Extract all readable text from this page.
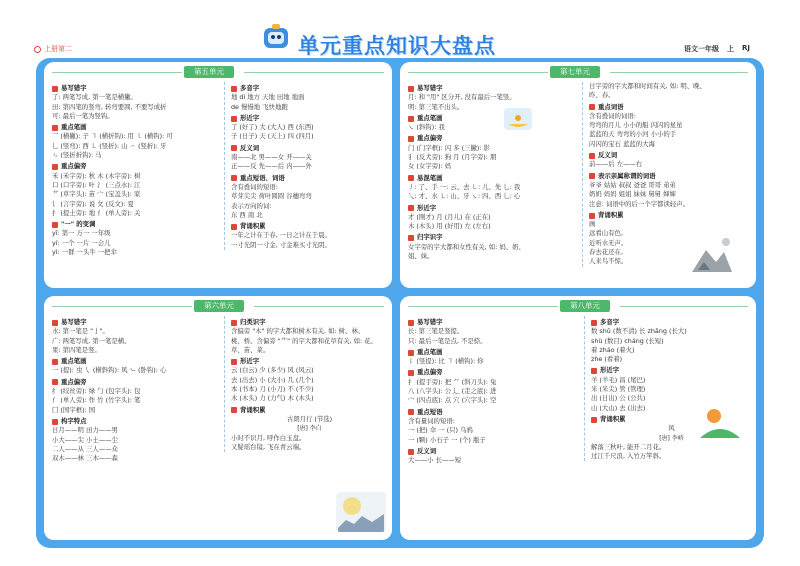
上册第二	单元重点知识大盘点	语文一年级 上 RJ
第五单元
易写错字
了: 两笔写成, 第一笔是横撇。
田: 第四笔的竖弯, 转弯要圆, 不要写成折
可: 最后一笔为竖钩。
重点笔画
乛 (横撇): 子 ㇕ (横折钩): 用 ㇅ (横钩): 可
乚 (竖弯): 西 ㇄ (竖折): 山 ㇀ (竖折): 牙
ㄣ (竖折折钩): 马
重点偏旁
禾 (禾字旁): 秋 木 (木字旁): 树
口 (口字旁): 叶 氵 (三点水): 江
艹 (草字头): 苗 宀 (宝盖头): 家
讠 (言字旁): 说 攵 (反文): 夏
扌 (提土旁): 地 亻 (单人旁): 关
"一" 的变调
yī: 第一 万一 一年级
yí: 一个 一片 一会儿
yì: 一群 一头牛 一把伞
多音字
地 dì 地方 天地 田地 地面
de 慢慢地 飞快地跑
形近字
了 (好了) 大 (大人) 西 (东西)
子 (日子) 天 (天上) 四 (四月)
反义词
南——北 男——女 开——关
正——反 先——后 内——外
重点短语、词语
含有叠词的短语:
草芽尖尖 荷叶圆圆 谷穗弯弯
表示方向的词:
东 西 南 北
背诵积累
一年之计在于春, 一日之计在于晨。
一寸光阴一寸金, 寸金难买寸光阴。
第七单元
易写错字
月: 和 "用" 区分开, 没有最后一笔竖。
明: 第三笔不出头。
重点笔画
㇏ (斜钩): 我
重点偏旁
门 (门字框): 闪 多 (三撇): 影
犭 (反犬旁): 狗 月 (月字旁): 朋
女 (女字旁): 妈
易混笔画
丿: 了、手 一: 云、去 ㇄: 儿、先 乚: 我
乀: 才、水 ㇄: 山、牙 ㇏: 四、西 乚: 心
形近字
才 (刚才) 月 (月儿) 在 (正在)
木 (木头) 用 (好用) 左 (左右)
归字识字
女字旁的字大都和女性有关, 如: 妈、奶、
姐、妹。
日字旁的字大都和时间有关, 如: 明、晚、
昨、春。
重点词语
含有叠词的词语:
弯弯的月儿 小小的船 闪闪的星星
蓝蓝的天 弯弯的小河 小小的手
闪闪的宝石 蓝蓝的大海
反义词
前——后 左——右
表示亲属称谓的词语
爷爷 姑姑 叔叔 爸爸 哥哥 弟弟
奶奶 妈妈 姐姐 妹妹 舅舅 婶婶
注意: 词语中的后一个字都读轻声。
背诵积累
画
远看山有色,
近听水无声。
春去花还在,
人来鸟不惊。
第六单元
易写错字
水: 第一笔是 "亅"。
广: 两笔写成, 第一笔是横。
果: 第四笔是竖。
重点笔画
一 (提): 虫 ㇂ (横斜钩): 风 ㇃ (卧钩): 心
重点偏旁
纟 (绞丝旁): 绿 勹 (包字头): 包
亻 (单人旁): 作 竹 (竹字头): 笔
囗 (国字框): 国
构字特点
日月——明 田力——男
小大——尖 小土——尘
二人——从 三人——众
双木——林 三木——森
归类识字
含偏旁 "木" 的字大都和树木有关, 如: 树、林、
桃、桥。含偏旁 "艹" 的字大都和花草有关, 如: 花、
草、苗、菜。
形近字
云 (白云) 少 (多少) 风 (风云)
去 (出去) 小 (大小) 几 (几个)
本 (书本) 刀 (小刀) 不 (不少)
木 (木头) 力 (力气) 木 (木头)
背诵积累
古朗月行 (节选)
[唐] 李白
小时不识月, 呼作白玉盘。
又疑瑶台镜, 飞在青云端。
第八单元
易写错字
长: 第三笔是竖提。
只: 最后一笔是点, 不是捺。
重点笔画
㇙ (竖提): 比 ㇕ (横钩): 你
重点偏旁
扌 (提手旁): 把 ⺈ (斜刀头): 兔
八 (八字头): 公 辶 (走之底): 进
宀 (四点底): 点 穴 (穴字头): 空
重点短语
含有量词的短语:
一 (把) 伞 一 (只) 乌鸦
一 (颗) 小石子 一 (个) 瓶子
反义词
大——小 长——短
多音字
数 shǔ (数不清) 长 zhǎng (长大)
shù (数目) cháng (长短)
着 zháo (着火)
zhe (看着)
形近字
羊 (羊毛) 昌 (尾巴)
米 (米尖) 管 (管理)
出 (日出) 公 (公共)
山 (大山) 去 (出去)
背诵积累
风
[唐] 李峤
解落三秋叶, 能开二月花。
过江千尺浪, 入竹万竿斜。
